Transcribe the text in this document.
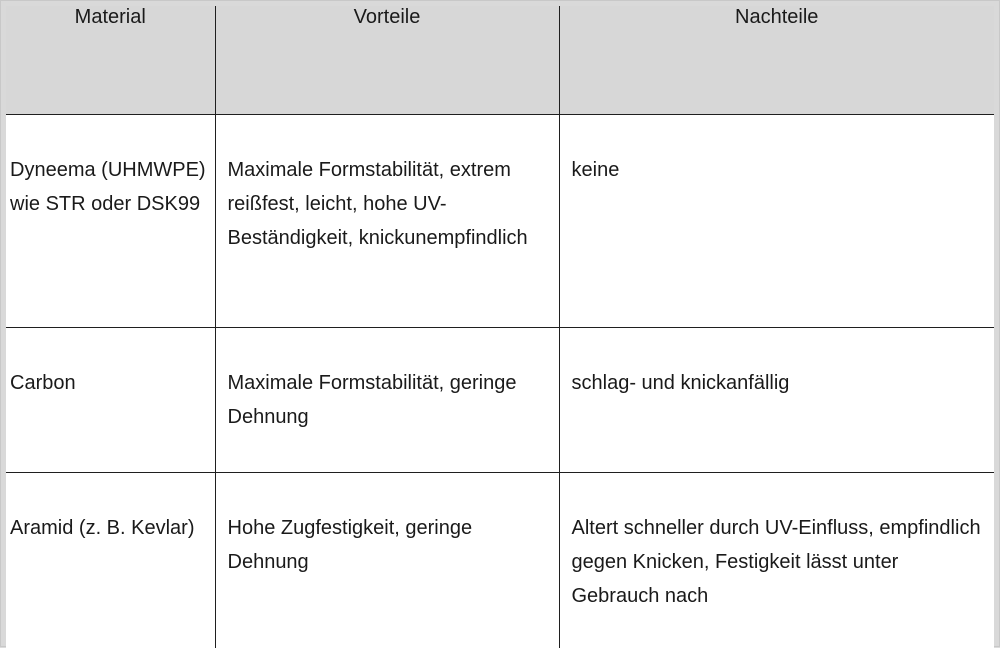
Material	Vorteile	Nachteile
Dyneema (UHMWPE) wie STR oder DSK99	Maximale Formstabilität, extrem reißfest, leicht, hohe UV-Beständigkeit, knickunempfindlich	keine
Carbon	Maximale Formstabilität, geringe Dehnung	schlag- und knickanfällig
Aramid (z. B. Kevlar)	Hohe Zugfestigkeit, geringe Dehnung	Altert schneller durch UV-Einfluss, empfindlich gegen Knicken, Festigkeit lässt unter Gebrauch nach
